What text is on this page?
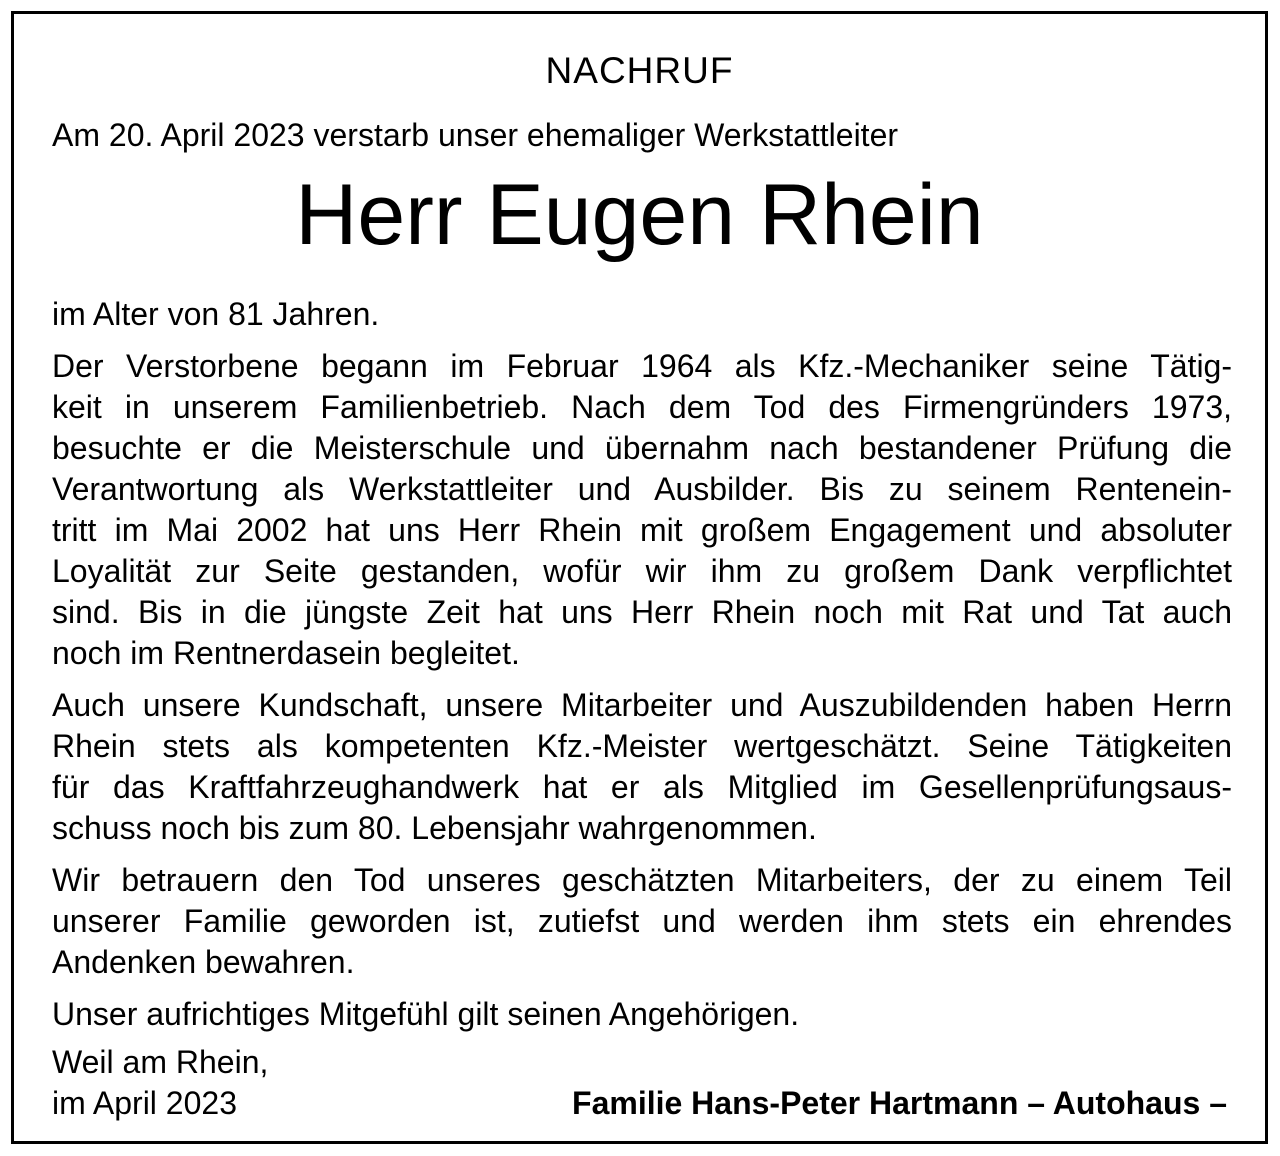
NACHRUF
Am 20. April 2023 verstarb unser ehemaliger Werkstattleiter
Herr Eugen Rhein

im Alter von 81 Jahren.

Der Verstorbene begann im Februar 1964 als Kfz.-Mechaniker seine Tätig-
keit in unserem Familienbetrieb. Nach dem Tod des Firmengründers 1973,
besuchte er die Meisterschule und übernahm nach bestandener Prüfung die
Verantwortung als Werkstattleiter und Ausbilder. Bis zu seinem Rentenein-
tritt im Mai 2002 hat uns Herr Rhein mit großem Engagement und absoluter
Loyalität zur Seite gestanden, wofür wir ihm zu großem Dank verpflichtet
sind. Bis in die jüngste Zeit hat uns Herr Rhein noch mit Rat und Tat auch
noch im Rentnerdasein begleitet.

Auch unsere Kundschaft, unsere Mitarbeiter und Auszubildenden haben Herrn
Rhein stets als kompetenten Kfz.-Meister wertgeschätzt. Seine Tätigkeiten
für das Kraftfahrzeughandwerk hat er als Mitglied im Gesellenprüfungsaus-
schuss noch bis zum 80. Lebensjahr wahrgenommen.

Wir betrauern den Tod unseres geschätzten Mitarbeiters, der zu einem Teil
unserer Familie geworden ist, zutiefst und werden ihm stets ein ehrendes
Andenken bewahren.

Unser aufrichtiges Mitgefühl gilt seinen Angehörigen.

Weil am Rhein,
im April 2023	Familie Hans-Peter Hartmann – Autohaus –
